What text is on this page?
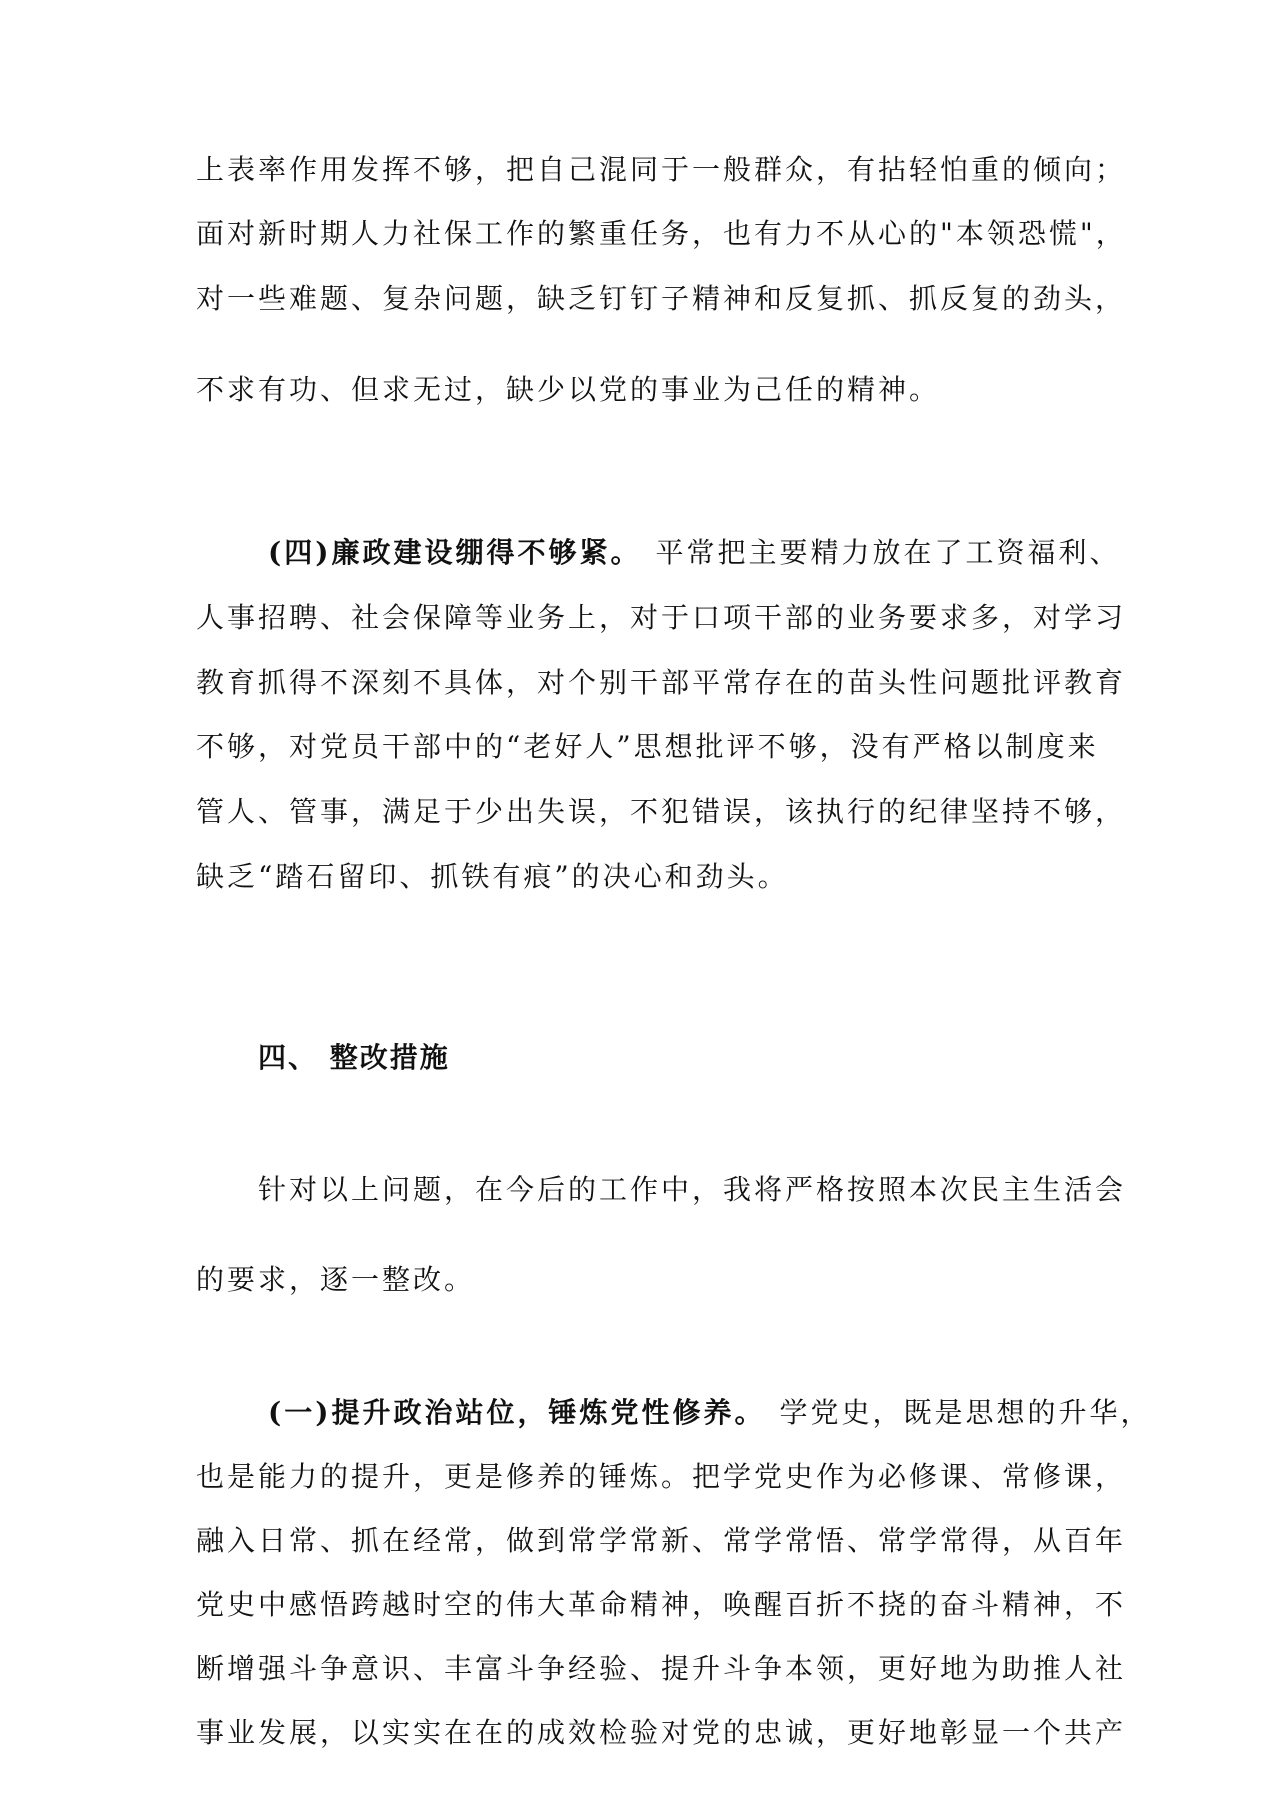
上表率作用发挥不够，把自己混同于一般群众，有拈轻怕重的倾向；
面对新时期人力社保工作的繁重任务，也有力不从心的"本领恐慌"，
对一些难题、复杂问题，缺乏钉钉子精神和反复抓、抓反复的劲头，
不求有功、但求无过，缺少以党的事业为己任的精神。
(四)廉政建设绷得不够紧。 平常把主要精力放在了工资福利、
人事招聘、社会保障等业务上，对于口项干部的业务要求多，对学习
教育抓得不深刻不具体，对个别干部平常存在的苗头性问题批评教育
不够，对党员干部中的“老好人”思想批评不够，没有严格以制度来
管人、管事，满足于少出失误，不犯错误，该执行的纪律坚持不够，
缺乏“踏石留印、抓铁有痕”的决心和劲头。
四、 整改措施
针对以上问题，在今后的工作中，我将严格按照本次民主生活会
的要求，逐一整改。
(一)提升政治站位，锤炼党性修养。 学党史，既是思想的升华，
也是能力的提升，更是修养的锤炼。把学党史作为必修课、常修课，
融入日常、抓在经常，做到常学常新、常学常悟、常学常得，从百年
党史中感悟跨越时空的伟大革命精神，唤醒百折不挠的奋斗精神，不
断增强斗争意识、丰富斗争经验、提升斗争本领，更好地为助推人社
事业发展，以实实在在的成效检验对党的忠诚，更好地彰显一个共产
